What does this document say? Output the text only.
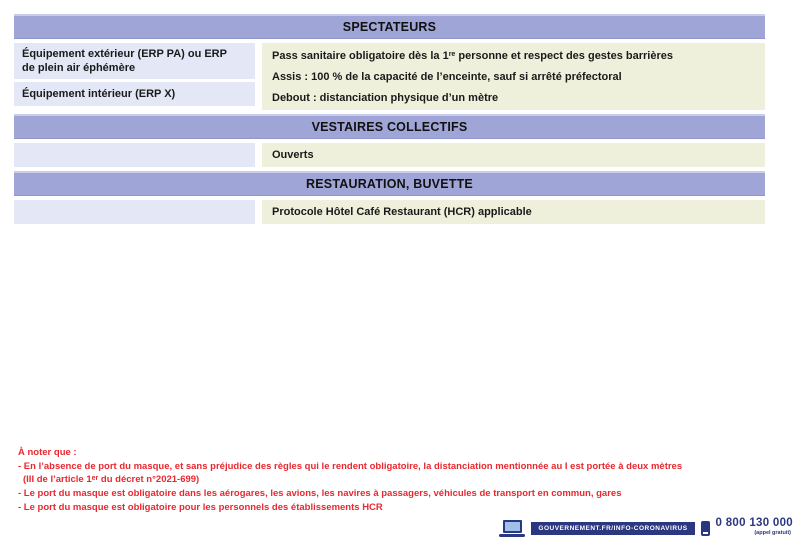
SPECTATEURS
Équipement extérieur (ERP PA) ou ERP
de plein air éphémère
Équipement intérieur (ERP X)
Pass sanitaire obligatoire dès la 1re personne et respect des gestes barrières
Assis : 100 % de la capacité de l’enceinte, sauf si arrêté préfectoral
Debout : distanciation physique d’un mètre
VESTAIRES COLLECTIFS
Ouverts
RESTAURATION, BUVETTE
Protocole Hôtel Café Restaurant (HCR) applicable
À noter que :
- En l’absence de port du masque, et sans préjudice des règles qui le rendent obligatoire, la distanciation mentionnée au I est portée à deux mètres
(III de l’article 1er du décret n°2021-699)
- Le port du masque est obligatoire dans les aérogares, les avions, les navires à passagers, véhicules de transport en commun, gares
- Le port du masque est obligatoire pour les personnels des établissements HCR
GOUVERNEMENT.FR/INFO-CORONAVIRUS	0 800 130 000
(appel gratuit)
